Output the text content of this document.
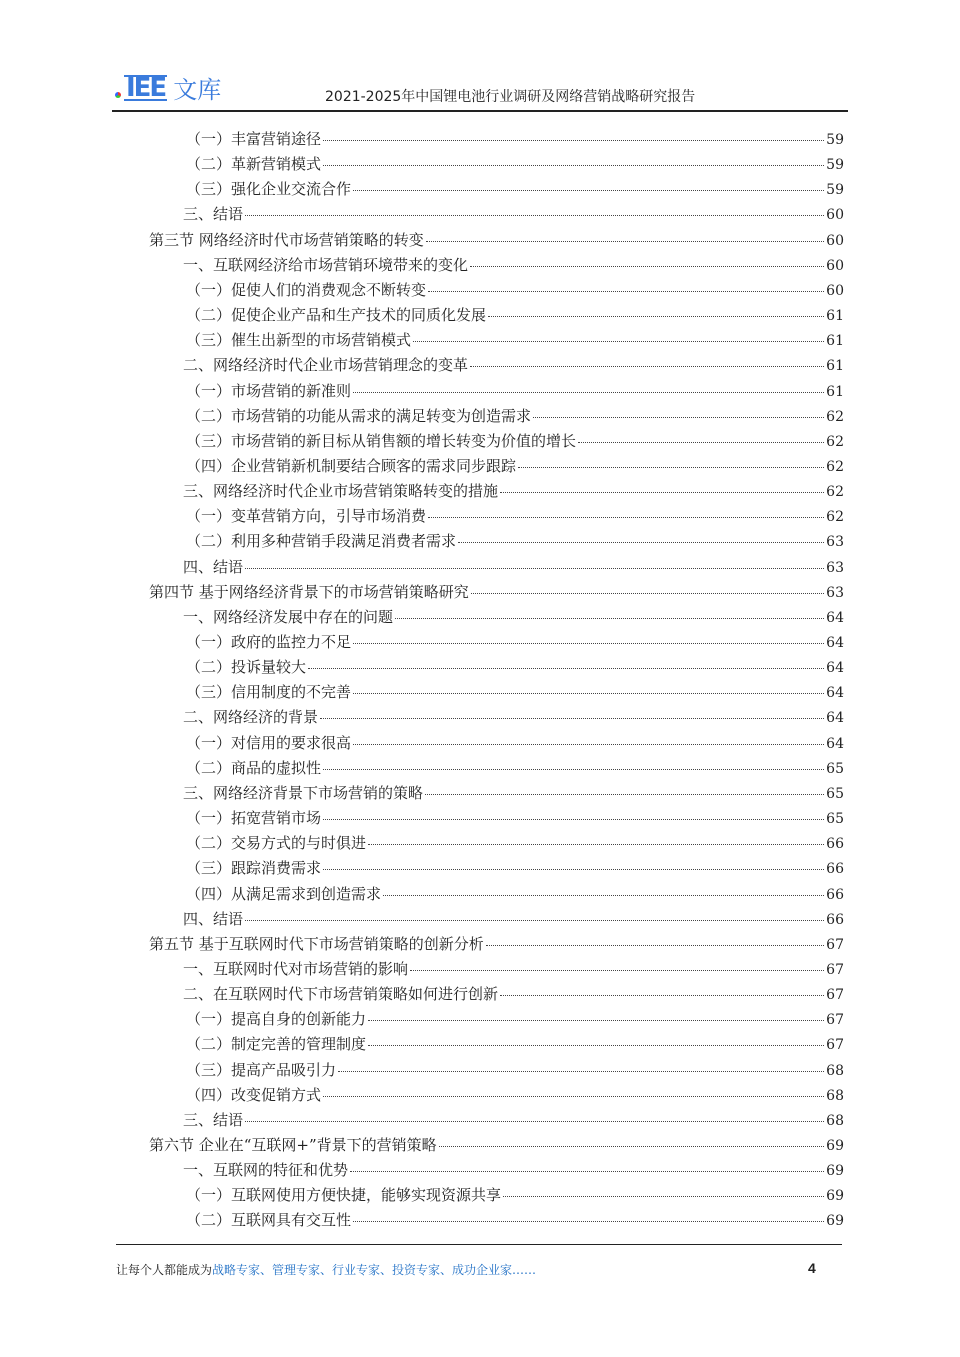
IEE 文库	2021-2025年中国锂电池行业调研及网络营销战略研究报告
（一）丰富营销途径	59
（二）革新营销模式	59
（三）强化企业交流合作	59
三、结语	60
第三节 网络经济时代市场营销策略的转变	60
一、互联网经济给市场营销环境带来的变化	60
（一）促使人们的消费观念不断转变	60
（二）促使企业产品和生产技术的同质化发展	61
（三）催生出新型的市场营销模式	61
二、网络经济时代企业市场营销理念的变革	61
（一）市场营销的新准则	61
（二）市场营销的功能从需求的满足转变为创造需求	62
（三）市场营销的新目标从销售额的增长转变为价值的增长	62
（四）企业营销新机制要结合顾客的需求同步跟踪	62
三、网络经济时代企业市场营销策略转变的措施	62
（一）变革营销方向，引导市场消费	62
（二）利用多种营销手段满足消费者需求	63
四、结语	63
第四节 基于网络经济背景下的市场营销策略研究	63
一、网络经济发展中存在的问题	64
（一）政府的监控力不足	64
（二）投诉量较大	64
（三）信用制度的不完善	64
二、网络经济的背景	64
（一）对信用的要求很高	64
（二）商品的虚拟性	65
三、网络经济背景下市场营销的策略	65
（一）拓宽营销市场	65
（二）交易方式的与时俱进	66
（三）跟踪消费需求	66
（四）从满足需求到创造需求	66
四、结语	66
第五节 基于互联网时代下市场营销策略的创新分析	67
一、互联网时代对市场营销的影响	67
二、在互联网时代下市场营销策略如何进行创新	67
（一）提高自身的创新能力	67
（二）制定完善的管理制度	67
（三）提高产品吸引力	68
（四）改变促销方式	68
三、结语	68
第六节 企业在“互联网+”背景下的营销策略	69
一、互联网的特征和优势	69
（一）互联网使用方便快捷，能够实现资源共享	69
（二）互联网具有交互性	69
让每个人都能成为战略专家、管理专家、行业专家、投资专家、成功企业家……	4
